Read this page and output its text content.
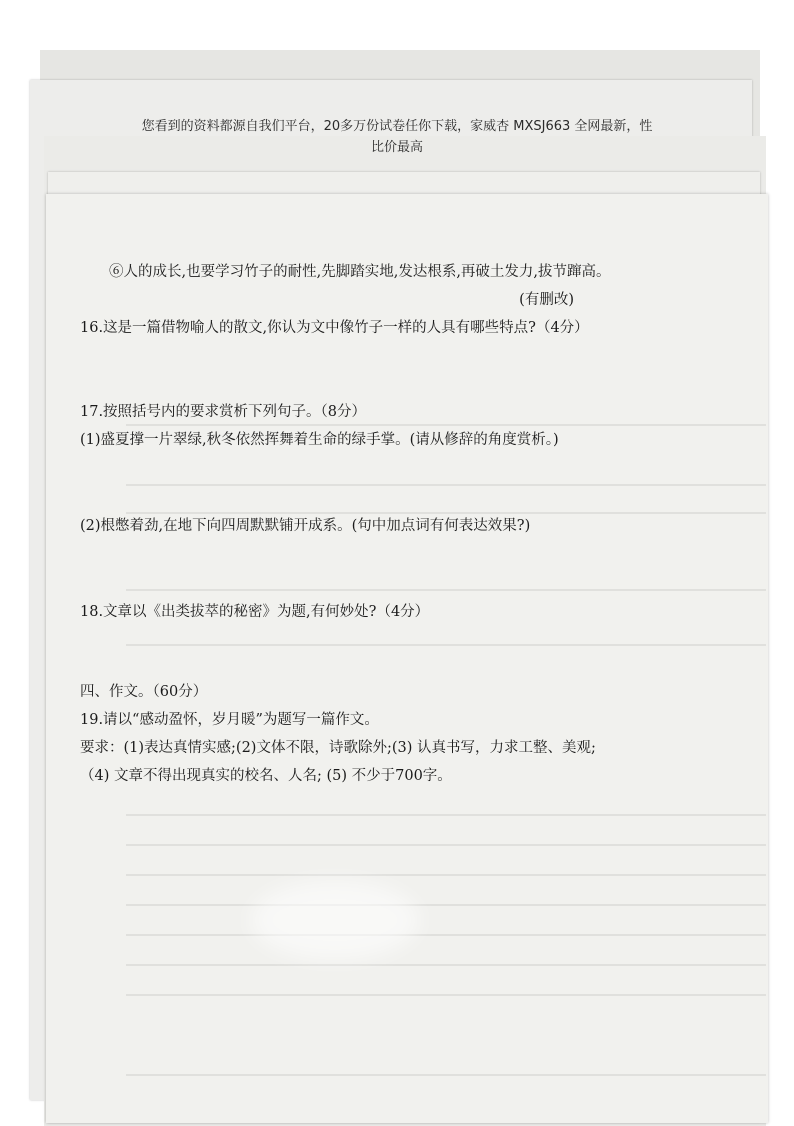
您看到的资料都源自我们平台，20多万份试卷任你下载，家威杏 MXSJ663 全网最新，性
比价最高

⑥人的成长,也要学习竹子的耐性,先脚踏实地,发达根系,再破土发力,拔节蹿高。

(有删改)

16.这是一篇借物喻人的散文,你认为文中像竹子一样的人具有哪些特点?（4分）

17.按照括号内的要求赏析下列句子。（8分）

(1)盛夏撑一片翠绿,秋冬依然挥舞着生命的绿手掌。(请从修辞的角度赏析。)

(2)根憋着劲,在地下向四周默默铺开成系。(句中加点词有何表达效果?)

18.文章以《出类拔萃的秘密》为题,有何妙处?（4分）

四、作文。（60分）

19.请以“感动盈怀，岁月暖”为题写一篇作文。

要求：(1)表达真情实感;(2)文体不限，诗歌除外;(3) 认真书写，力求工整、美观;

（4) 文章不得出现真实的校名、人名; (5) 不少于700字。
